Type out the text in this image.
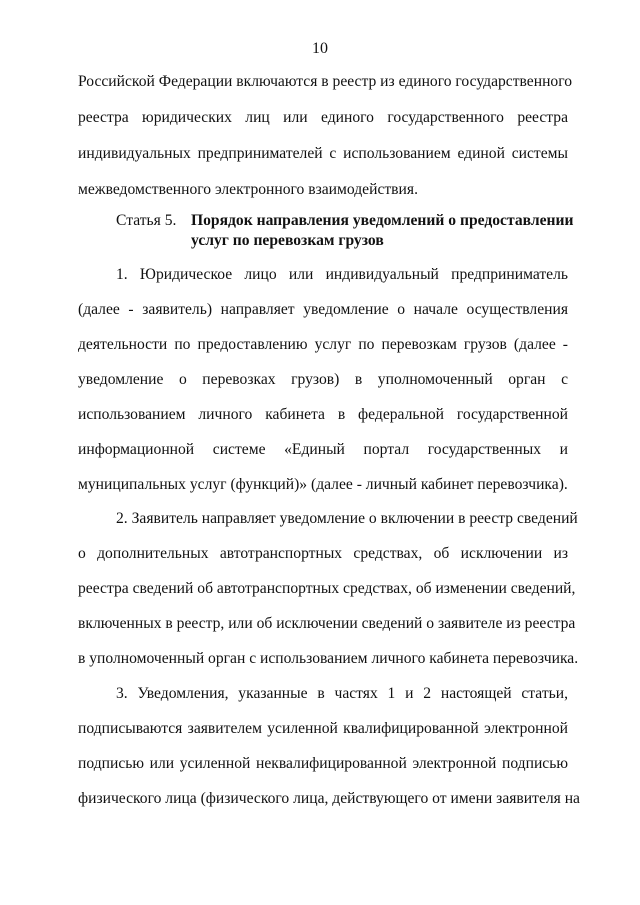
10
Российской Федерации включаются в реестр из единого государственного
реестра юридических лиц или единого государственного реестра
индивидуальных предпринимателей с использованием единой системы
межведомственного электронного взаимодействия.
Статья 5. Порядок направления уведомлений о предоставлении
услуг по перевозкам грузов
1. Юридическое лицо или индивидуальный предприниматель
(далее - заявитель) направляет уведомление о начале осуществления
деятельности по предоставлению услуг по перевозкам грузов (далее -
уведомление о перевозках грузов) в уполномоченный орган с
использованием личного кабинета в федеральной государственной
информационной системе «Единый портал государственных и
муниципальных услуг (функций)» (далее - личный кабинет перевозчика).
2. Заявитель направляет уведомление о включении в реестр сведений
о дополнительных автотранспортных средствах, об исключении из
реестра сведений об автотранспортных средствах, об изменении сведений,
включенных в реестр, или об исключении сведений о заявителе из реестра
в уполномоченный орган с использованием личного кабинета перевозчика.
3. Уведомления, указанные в частях 1 и 2 настоящей статьи,
подписываются заявителем усиленной квалифицированной электронной
подписью или усиленной неквалифицированной электронной подписью
физического лица (физического лица, действующего от имени заявителя на
